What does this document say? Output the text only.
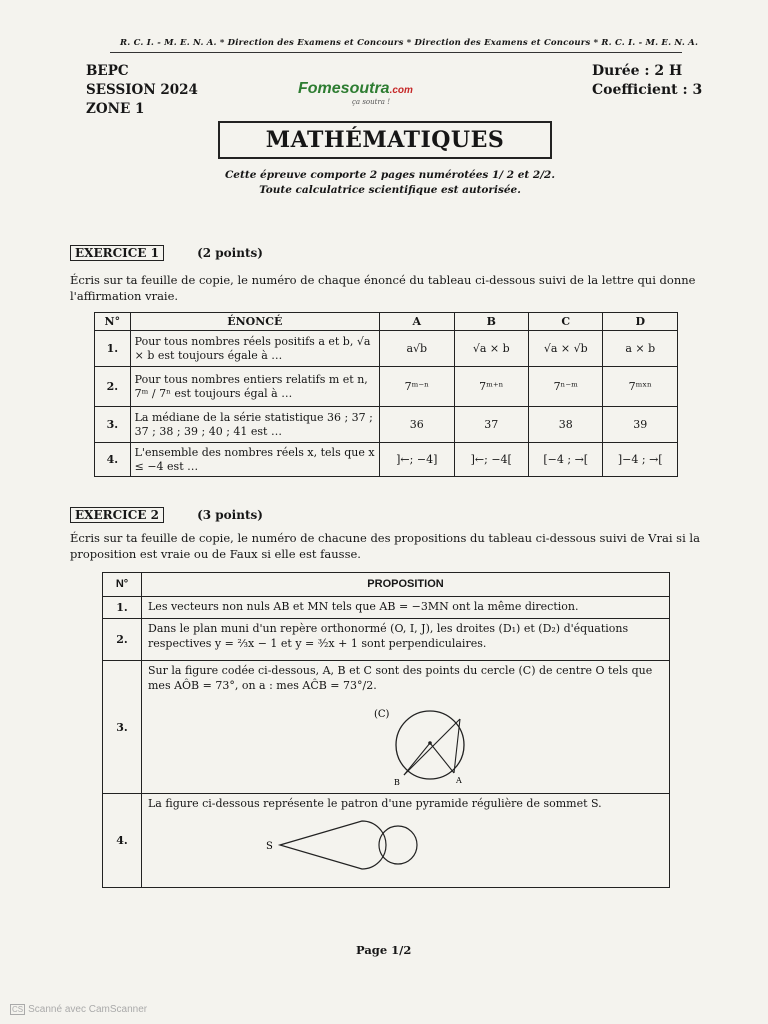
R. C. I. - M. E. N. A. * Direction des Examens et Concours * Direction des Examens et Concours * R. C. I. - M. E. N. A.
BEPC
SESSION 2024
ZONE 1
Durée : 2 H
Coefficient : 3
Fomesoutra.com
ça soutra !
MATHÉMATIQUES
Cette épreuve comporte 2 pages numérotées 1/ 2 et 2/2.
Toute calculatrice scientifique est autorisée.
EXERCICE 1	(2 points)
Écris sur ta feuille de copie, le numéro de chaque énoncé du tableau ci-dessous suivi de la lettre qui donne l'affirmation vraie.
N°	ÉNONCÉ	A	B	C	D
1.	Pour tous nombres réels positifs a et b, √a × b est toujours égale à …	a√b	√a × b	√a × √b	a × b
2.	Pour tous nombres entiers relatifs m et n, 7ᵐ / 7ⁿ est toujours égal à …	7ᵐ⁻ⁿ	7ᵐ⁺ⁿ	7ⁿ⁻ᵐ	7ᵐˣⁿ
3.	La médiane de la série statistique 36 ; 37 ; 37 ; 38 ; 39 ; 40 ; 41 est …	36	37	38	39
4.	L'ensemble des nombres réels x, tels que x ≤ −4 est …	]←; −4]	]←; −4[	[−4 ; →[	]−4 ; →[
EXERCICE 2	(3 points)
Écris sur ta feuille de copie, le numéro de chacune des propositions du tableau ci-dessous suivi de Vrai si la proposition est vraie ou de Faux si elle est fausse.
N°	PROPOSITION
1.	Les vecteurs non nuls AB et MN tels que AB = −3MN ont la même direction.
2.	Dans le plan muni d'un repère orthonormé (O, I, J), les droites (D₁) et (D₂) d'équations respectives y = ⅔x − 1 et y = ³⁄₂x + 1 sont perpendiculaires.
3.	Sur la figure codée ci-dessous, A, B et C sont des points du cercle (C) de centre O tels que mes AÔB = 73°, on a : mes AĈB = 73°/2.
(C)
B A

4.	La figure ci-dessous représente le patron d'une pyramide régulière de sommet S.
S
Page 1/2
CS Scanné avec CamScanner
